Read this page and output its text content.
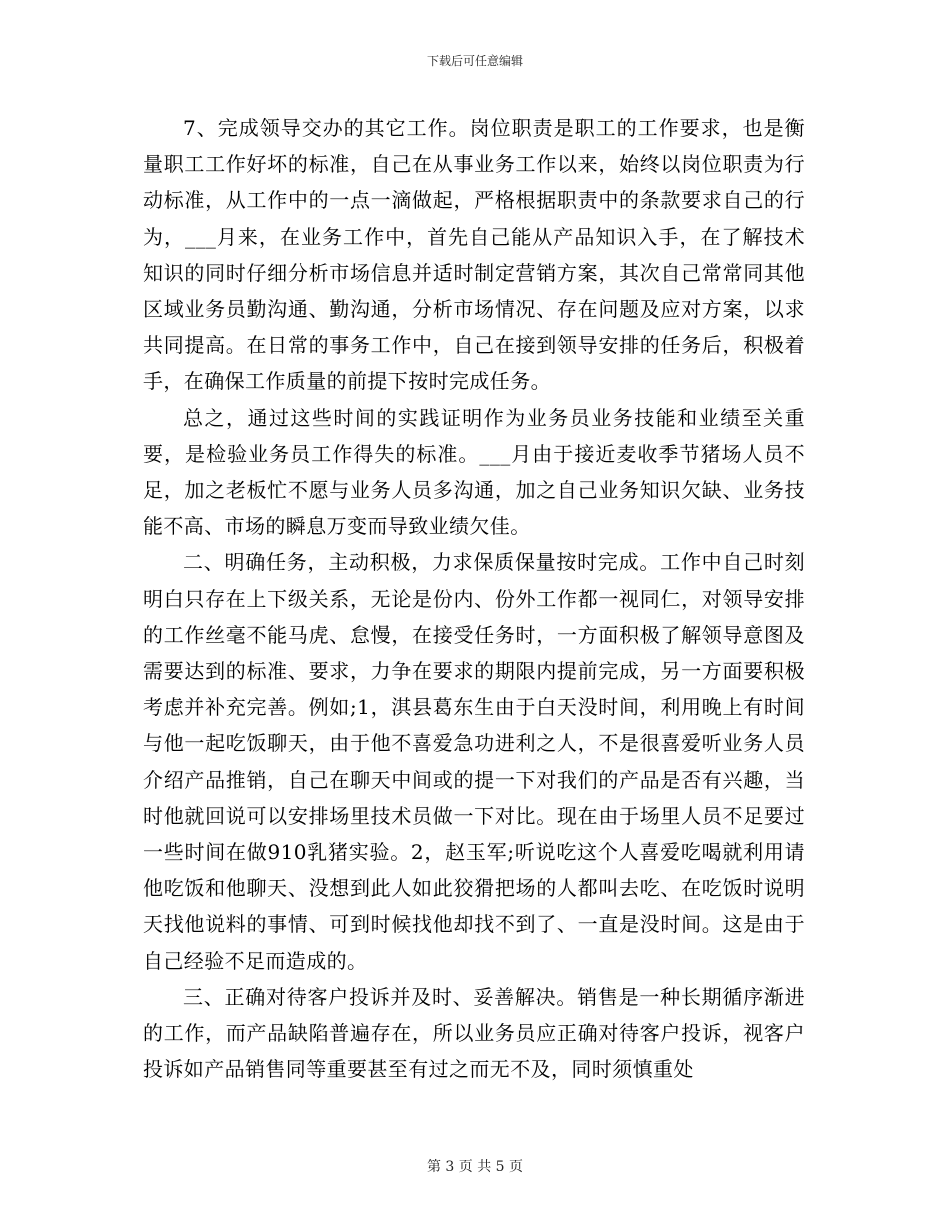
下载后可任意编辑

7、完成领导交办的其它工作。岗位职责是职工的工作要求，也是衡量职工工作好坏的标准，自己在从事业务工作以来，始终以岗位职责为行动标准，从工作中的一点一滴做起，严格根据职责中的条款要求自己的行为，___月来，在业务工作中，首先自己能从产品知识入手，在了解技术知识的同时仔细分析市场信息并适时制定营销方案，其次自己常常同其他区域业务员勤沟通、勤沟通，分析市场情况、存在问题及应对方案，以求共同提高。在日常的事务工作中，自己在接到领导安排的任务后，积极着手，在确保工作质量的前提下按时完成任务。

总之，通过这些时间的实践证明作为业务员业务技能和业绩至关重要，是检验业务员工作得失的标准。___月由于接近麦收季节猪场人员不足，加之老板忙不愿与业务人员多沟通，加之自己业务知识欠缺、业务技能不高、市场的瞬息万变而导致业绩欠佳。

二、明确任务，主动积极，力求保质保量按时完成。工作中自己时刻明白只存在上下级关系，无论是份内、份外工作都一视同仁，对领导安排的工作丝毫不能马虎、怠慢，在接受任务时，一方面积极了解领导意图及需要达到的标准、要求，力争在要求的期限内提前完成，另一方面要积极考虑并补充完善。例如;1，淇县葛东生由于白天没时间，利用晚上有时间与他一起吃饭聊天，由于他不喜爱急功进利之人，不是很喜爱听业务人员介绍产品推销，自己在聊天中间或的提一下对我们的产品是否有兴趣，当时他就回说可以安排场里技术员做一下对比。现在由于场里人员不足要过一些时间在做910乳猪实验。2，赵玉军;听说吃这个人喜爱吃喝就利用请他吃饭和他聊天、没想到此人如此狡猾把场的人都叫去吃、在吃饭时说明天找他说料的事情、可到时候找他却找不到了、一直是没时间。这是由于自己经验不足而造成的。

三、正确对待客户投诉并及时、妥善解决。销售是一种长期循序渐进的工作，而产品缺陷普遍存在，所以业务员应正确对待客户投诉，视客户投诉如产品销售同等重要甚至有过之而无不及，同时须慎重处

第 3 页 共 5 页
